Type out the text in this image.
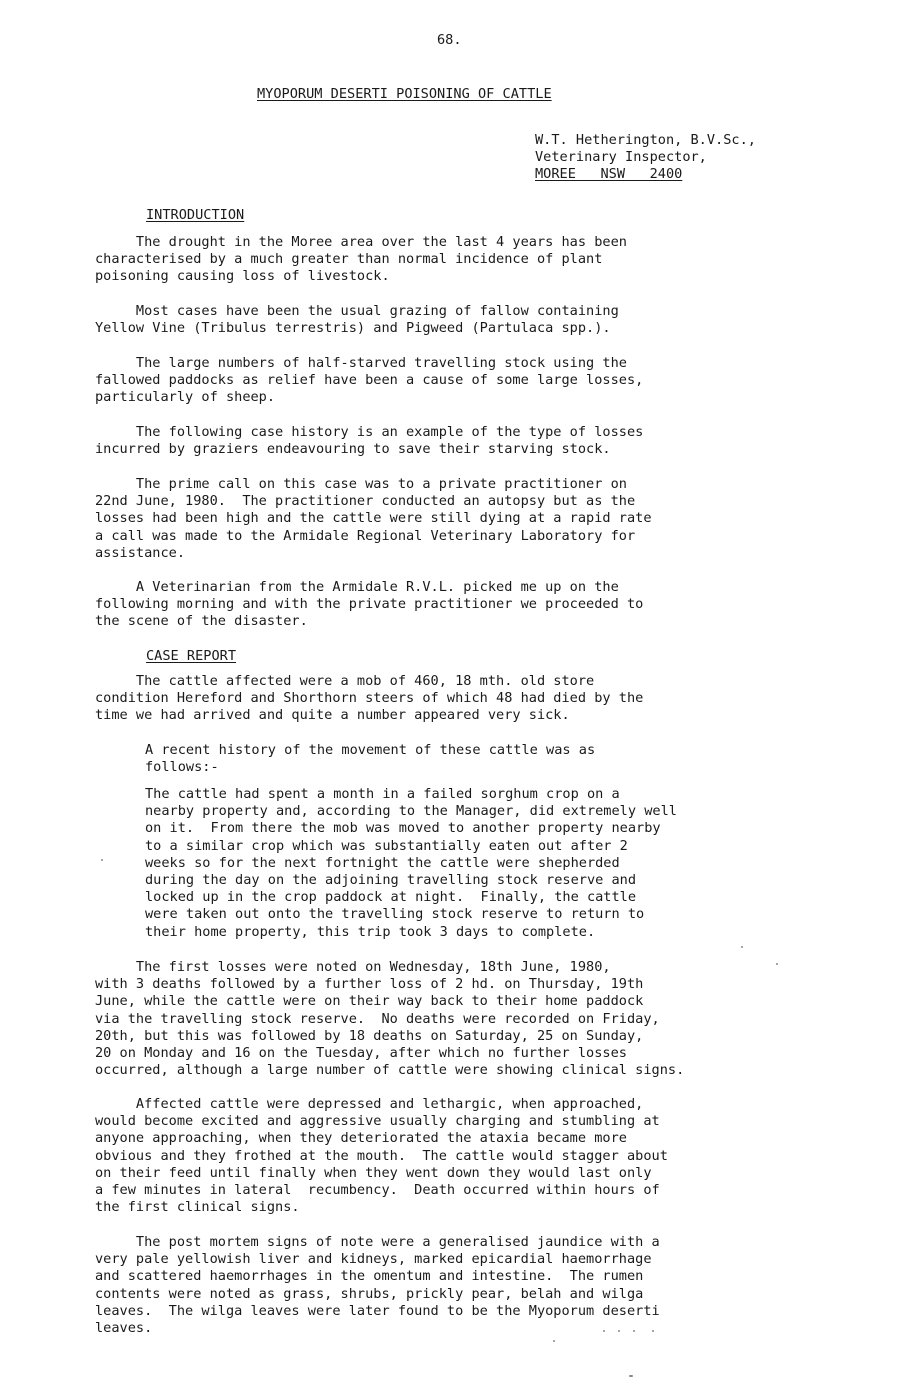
68.
MYOPORUM DESERTI POISONING OF CATTLE
W.T. Hetherington, B.V.Sc.,
Veterinary Inspector,
MOREE   NSW   2400
INTRODUCTION
The drought in the Moree area over the last 4 years has been
characterised by a much greater than normal incidence of plant
poisoning causing loss of livestock.
Most cases have been the usual grazing of fallow containing
Yellow Vine (Tribulus terrestris) and Pigweed (Partulaca spp.).
The large numbers of half-starved travelling stock using the
fallowed paddocks as relief have been a cause of some large losses,
particularly of sheep.
The following case history is an example of the type of losses
incurred by graziers endeavouring to save their starving stock.
The prime call on this case was to a private practitioner on
22nd June, 1980.  The practitioner conducted an autopsy but as the
losses had been high and the cattle were still dying at a rapid rate
a call was made to the Armidale Regional Veterinary Laboratory for
assistance.
A Veterinarian from the Armidale R.V.L. picked me up on the
following morning and with the private practitioner we proceeded to
the scene of the disaster.
CASE REPORT
The cattle affected were a mob of 460, 18 mth. old store
condition Hereford and Shorthorn steers of which 48 had died by the
time we had arrived and quite a number appeared very sick.
A recent history of the movement of these cattle was as
follows:-
The cattle had spent a month in a failed sorghum crop on a
nearby property and, according to the Manager, did extremely well
on it.  From there the mob was moved to another property nearby
to a similar crop which was substantially eaten out after 2
weeks so for the next fortnight the cattle were shepherded
during the day on the adjoining travelling stock reserve and
locked up in the crop paddock at night.  Finally, the cattle
were taken out onto the travelling stock reserve to return to
their home property, this trip took 3 days to complete.
The first losses were noted on Wednesday, 18th June, 1980,
with 3 deaths followed by a further loss of 2 hd. on Thursday, 19th
June, while the cattle were on their way back to their home paddock
via the travelling stock reserve.  No deaths were recorded on Friday,
20th, but this was followed by 18 deaths on Saturday, 25 on Sunday,
20 on Monday and 16 on the Tuesday, after which no further losses
occurred, although a large number of cattle were showing clinical signs.
Affected cattle were depressed and lethargic, when approached,
would become excited and aggressive usually charging and stumbling at
anyone approaching, when they deteriorated the ataxia became more
obvious and they frothed at the mouth.  The cattle would stagger about
on their feed until finally when they went down they would last only
a few minutes in lateral  recumbency.  Death occurred within hours of
the first clinical signs.
The post mortem signs of note were a generalised jaundice with a
very pale yellowish liver and kidneys, marked epicardial haemorrhage
and scattered haemorrhages in the omentum and intestine.  The rumen
contents were noted as grass, shrubs, prickly pear, belah and wilga
leaves.  The wilga leaves were later found to be the Myoporum deserti
leaves.
